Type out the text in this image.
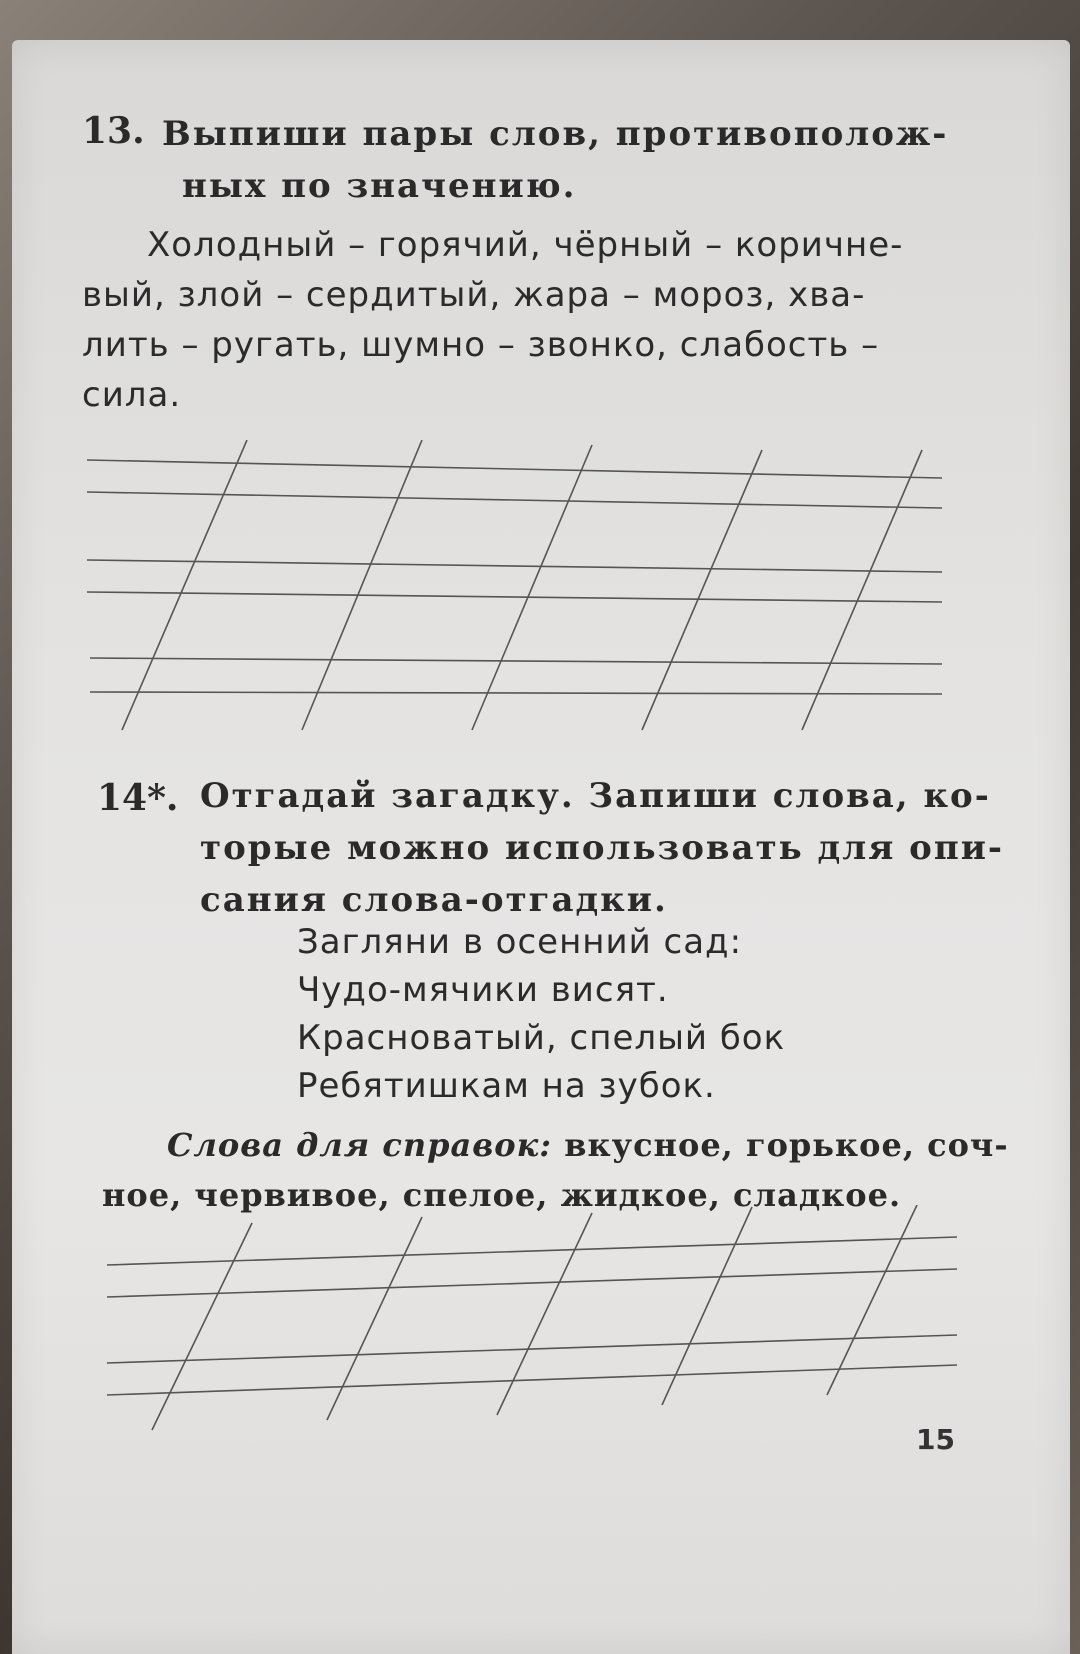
13. Выпиши пары слов, противополож-
ных по значению.
Холодный – горячий, чёрный – коричне-
вый, злой – сердитый, жара – мороз, хва-
лить – ругать, шумно – звонко, слабость –
сила.
14*. Отгадай загадку. Запиши слова, ко-
торые можно использовать для опи-
сания слова-отгадки.
Загляни в осенний сад:
Чудо-мячики висят.
Красноватый, спелый бок
Ребятишкам на зубок.
Слова для справок: вкусное, горькое, соч-
ное, червивое, спелое, жидкое, сладкое.
15
